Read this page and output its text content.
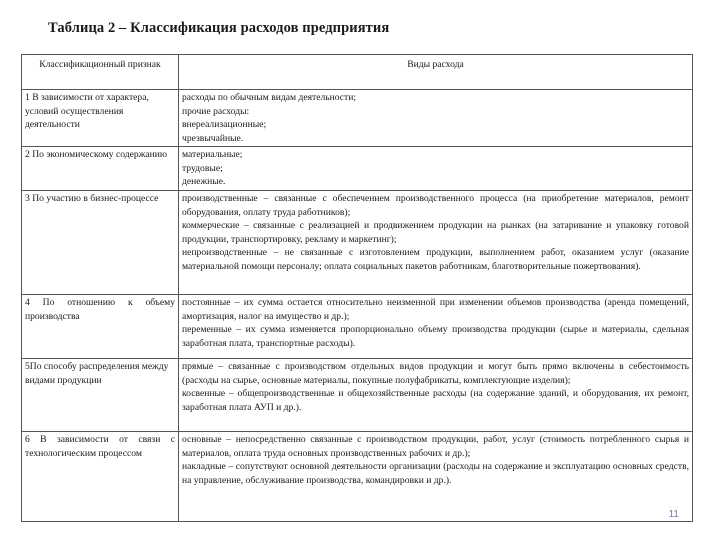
Таблица 2 – Классификация расходов предприятия
Классификационный признак	Виды расхода
1 В зависимости от характера, условий осуществления деятельности	расходы по обычным видам деятельности;
прочие расходы:
внереализационные;
чрезвычайные.

2 По экономическому содержанию	материальные;
трудовые;
денежные.

3 По участию в бизнес-процессе	производственные – связанные с обеспечением производственного процесса (на приобретение материалов, ремонт оборудования, оплату труда работников);
коммерческие – связанные с реализацией и продвижением продукции на рынках (на затаривание и упаковку готовой продукции, транспортировку, рекламу и маркетинг);
непроизводственные – не связанные с изготовлением продукции, выполнением работ, оказанием услуг (оказание материальной помощи персоналу; оплата социальных пакетов работникам, благотворительные пожертвования).

4 По отношению к объему производства	постоянные – их сумма остается относительно неизменной при изменении объемов производства (аренда помещений, амортизация, налог на имущество и др.);
переменные – их сумма изменяется пропорционально объему производства продукции (сырье и материалы, сдельная заработная плата, транспортные расходы).

5По способу распределения между видами продукции	прямые – связанные с производством отдельных видов продукции и могут быть прямо включены в себестоимость (расходы на сырье, основные материалы, покупные полуфабрикаты, комплектующие изделия);
косвенные – общепроизводственные и общехозяйственные расходы (на содержание зданий, и оборудования, их ремонт, заработная плата АУП и др.).

6 В зависимости от связи с технологическим процессом	основные – непосредственно связанные с производством продукции, работ, услуг (стоимость потребленного сырья и материалов, оплата труда основных производственных рабочих и др.);
накладные – сопутствуют основной деятельности организации (расходы на содержание и эксплуатацию основных средств, на управление, обслуживание производства, командировки и др.).
11
